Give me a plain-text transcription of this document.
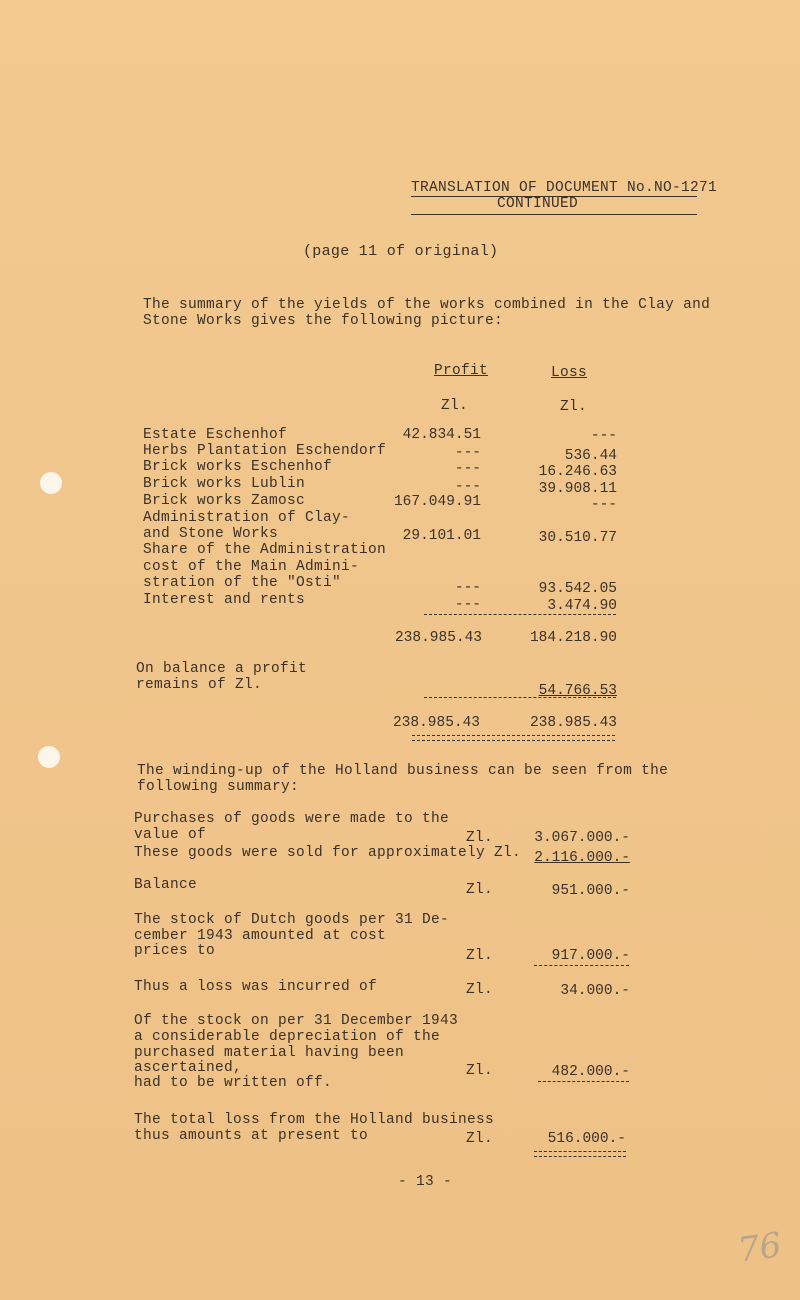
TRANSLATION OF DOCUMENT No.NO-1271
CONTINUED
(page 11 of original)
The summary of the yields of the works combined in the Clay and
Stone Works gives the following picture:
Profit	Loss
Zl.	Zl.
Estate Eschenhof	42.834.51	---
Herbs Plantation Eschendorf	---	536.44
Brick works Eschenhof	---	16.246.63
Brick works Lublin	---	39.908.11
Brick works Zamosc	167.049.91	---
Administration of Clay-
and Stone Works	29.101.01	30.510.77
Share of the Administration
cost of the Main Admini-
stration of the "Osti"	---	93.542.05
Interest and rents	---	3.474.90
238.985.43	184.218.90
On balance a profit
remains of Zl.	54.766.53
238.985.43	238.985.43
The winding-up of the Holland business can be seen from the
following summary:
Purchases of goods were made to the
value of	Zl.	3.067.000.-
These goods were sold for approximately Zl. 2.116.000.-
Balance	Zl.	951.000.-
The stock of Dutch goods per 31 De-
cember 1943 amounted at cost
prices to	Zl.	917.000.-
Thus a loss was incurred of	Zl.	34.000.-
Of the stock on per 31 December 1943
a considerable depreciation of the
purchased material having been
ascertained,
had to be written off.
Zl.	482.000.-
The total loss from the Holland business
thus amounts at present to	Zl.	516.000.-
- 13 -
76
